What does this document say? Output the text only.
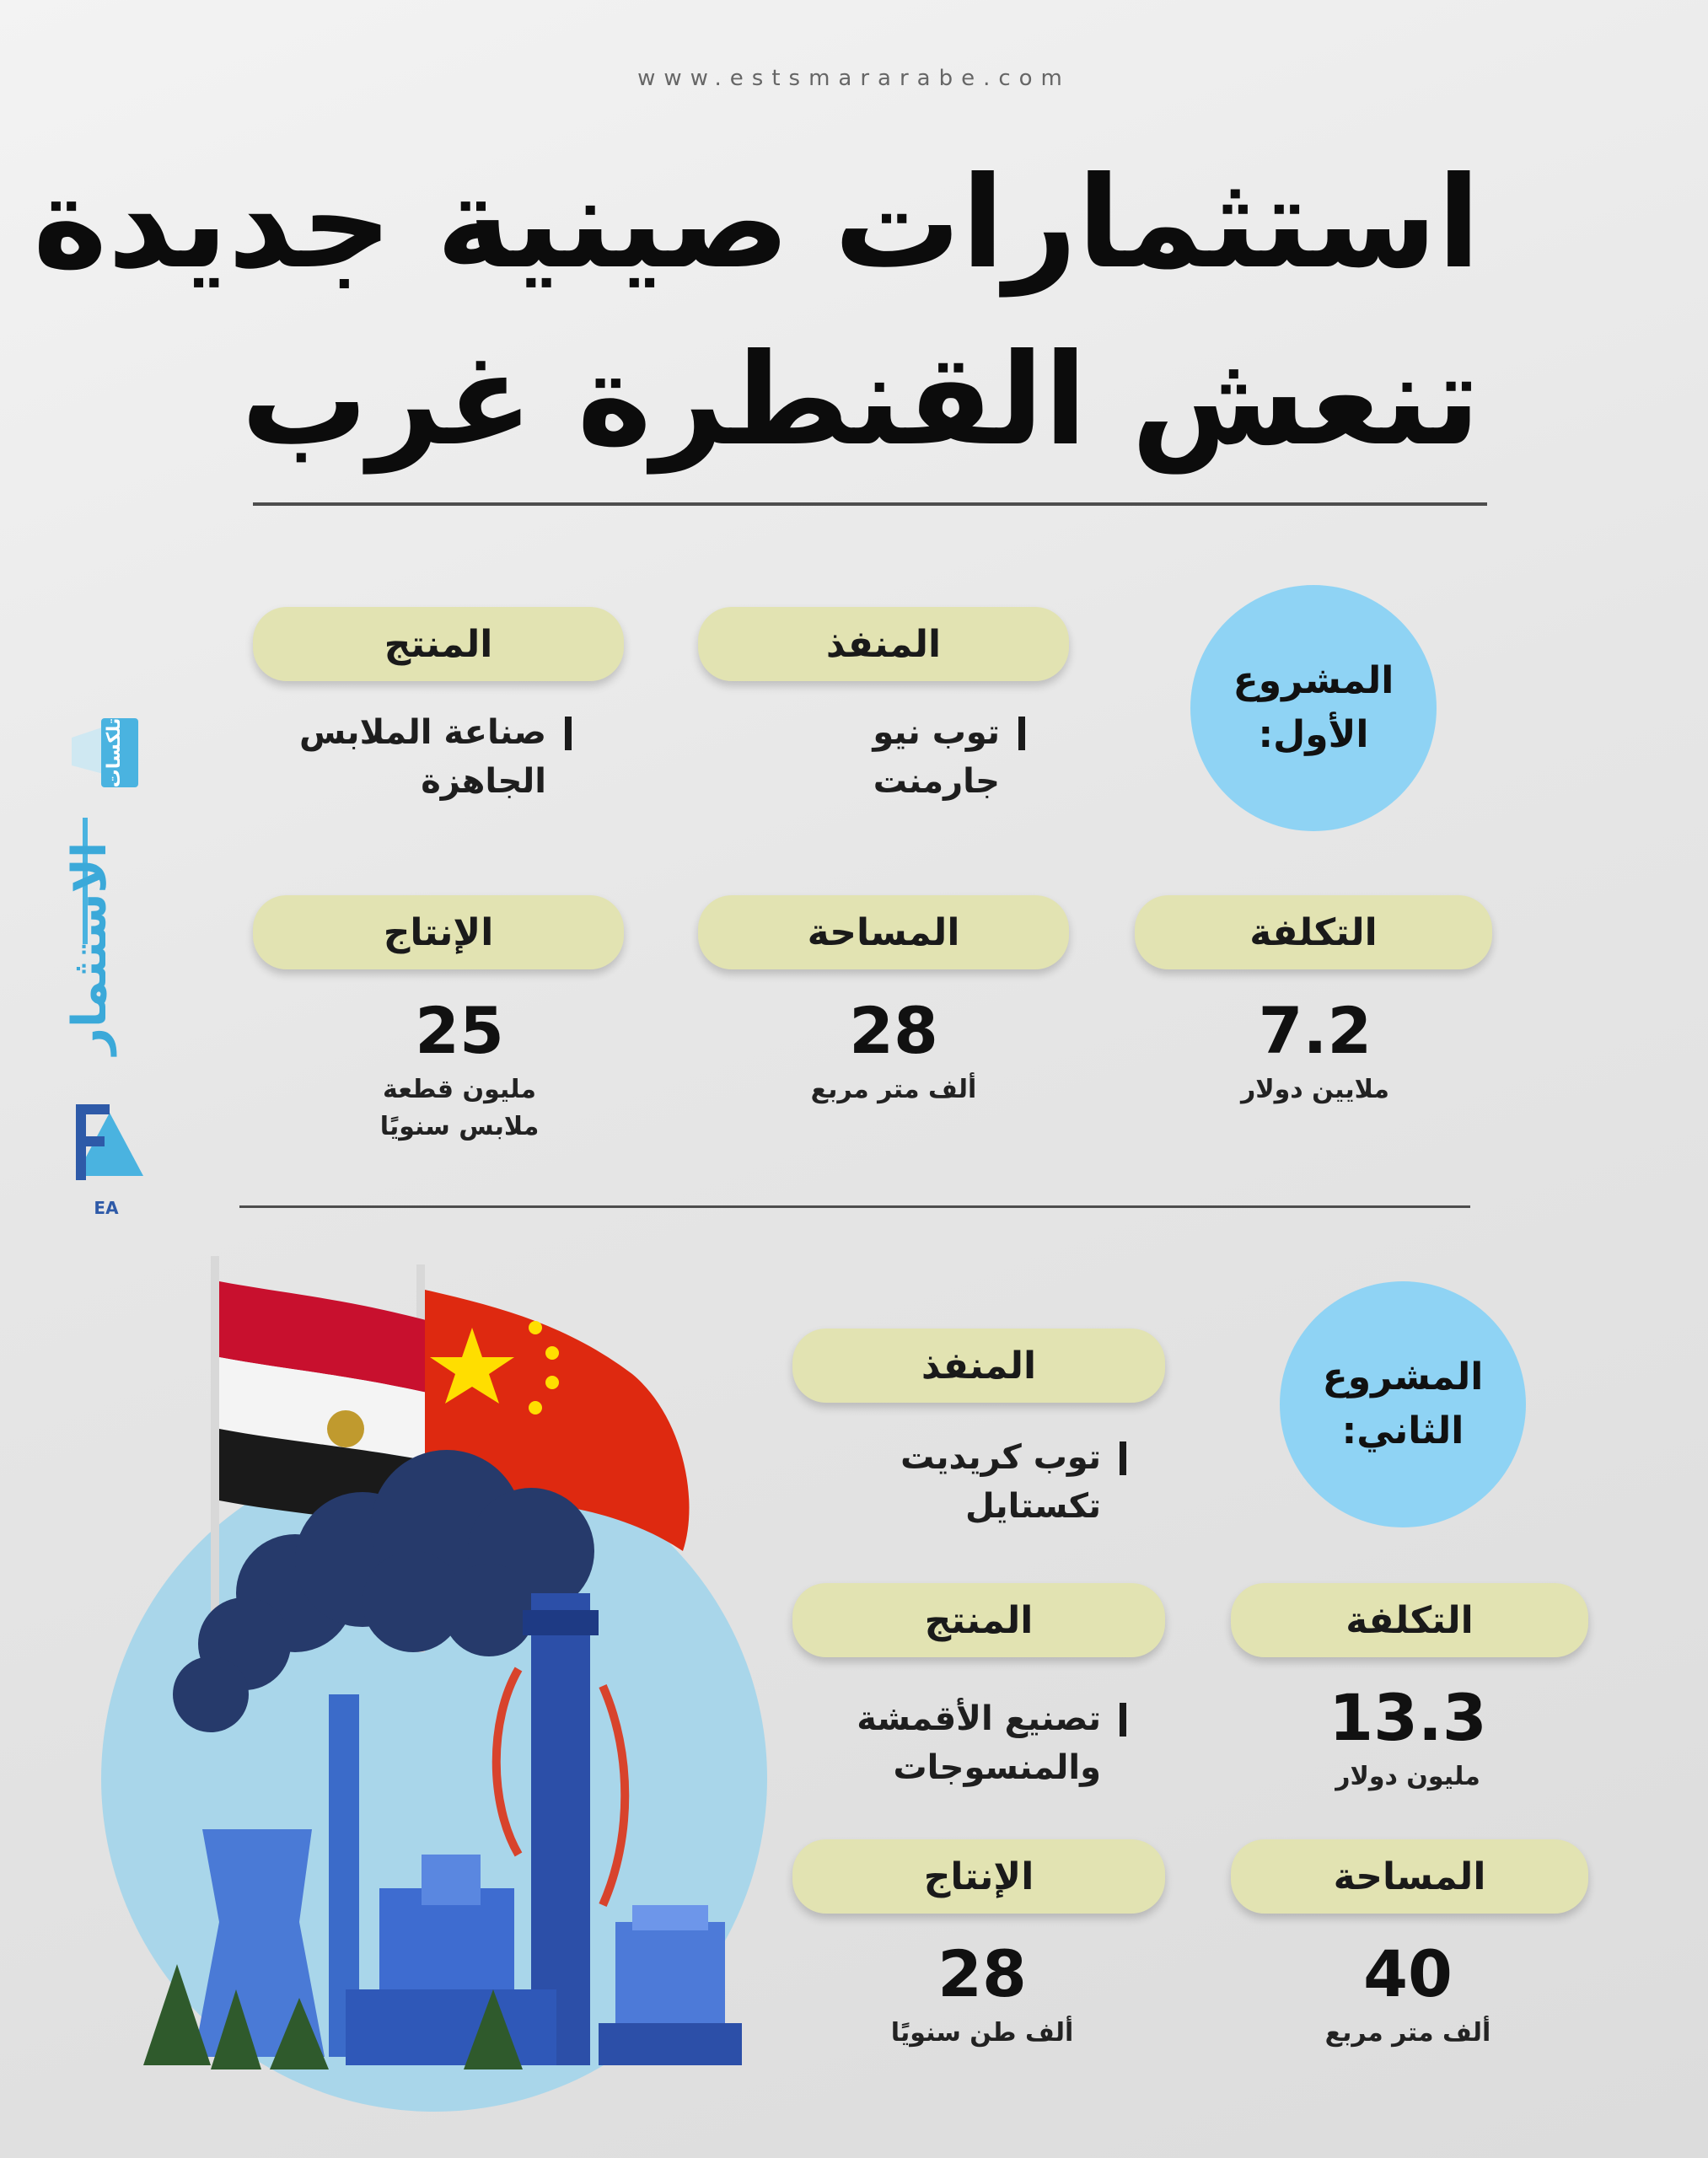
www.estsmararabe.com
استثمارات صينية جديدة
تنعش القنطرة غرب
تلكسات
الاستثمار
EA
المشروع
الأول:
المنفذ
توب نيو
جارمنت
المنتج
صناعة الملابس
الجاهزة
التكلفة
7.2
ملايين دولار
المساحة
28
ألف متر مربع
الإنتاج
25
مليون قطعة
ملابس سنويًا
المشروع
الثاني:
المنفذ
توب كريديت
تكستايل
التكلفة
13.3
مليون دولار
المنتج
تصنيع الأقمشة
والمنسوجات
المساحة
40
ألف متر مربع
الإنتاج
28
ألف طن سنويًا
